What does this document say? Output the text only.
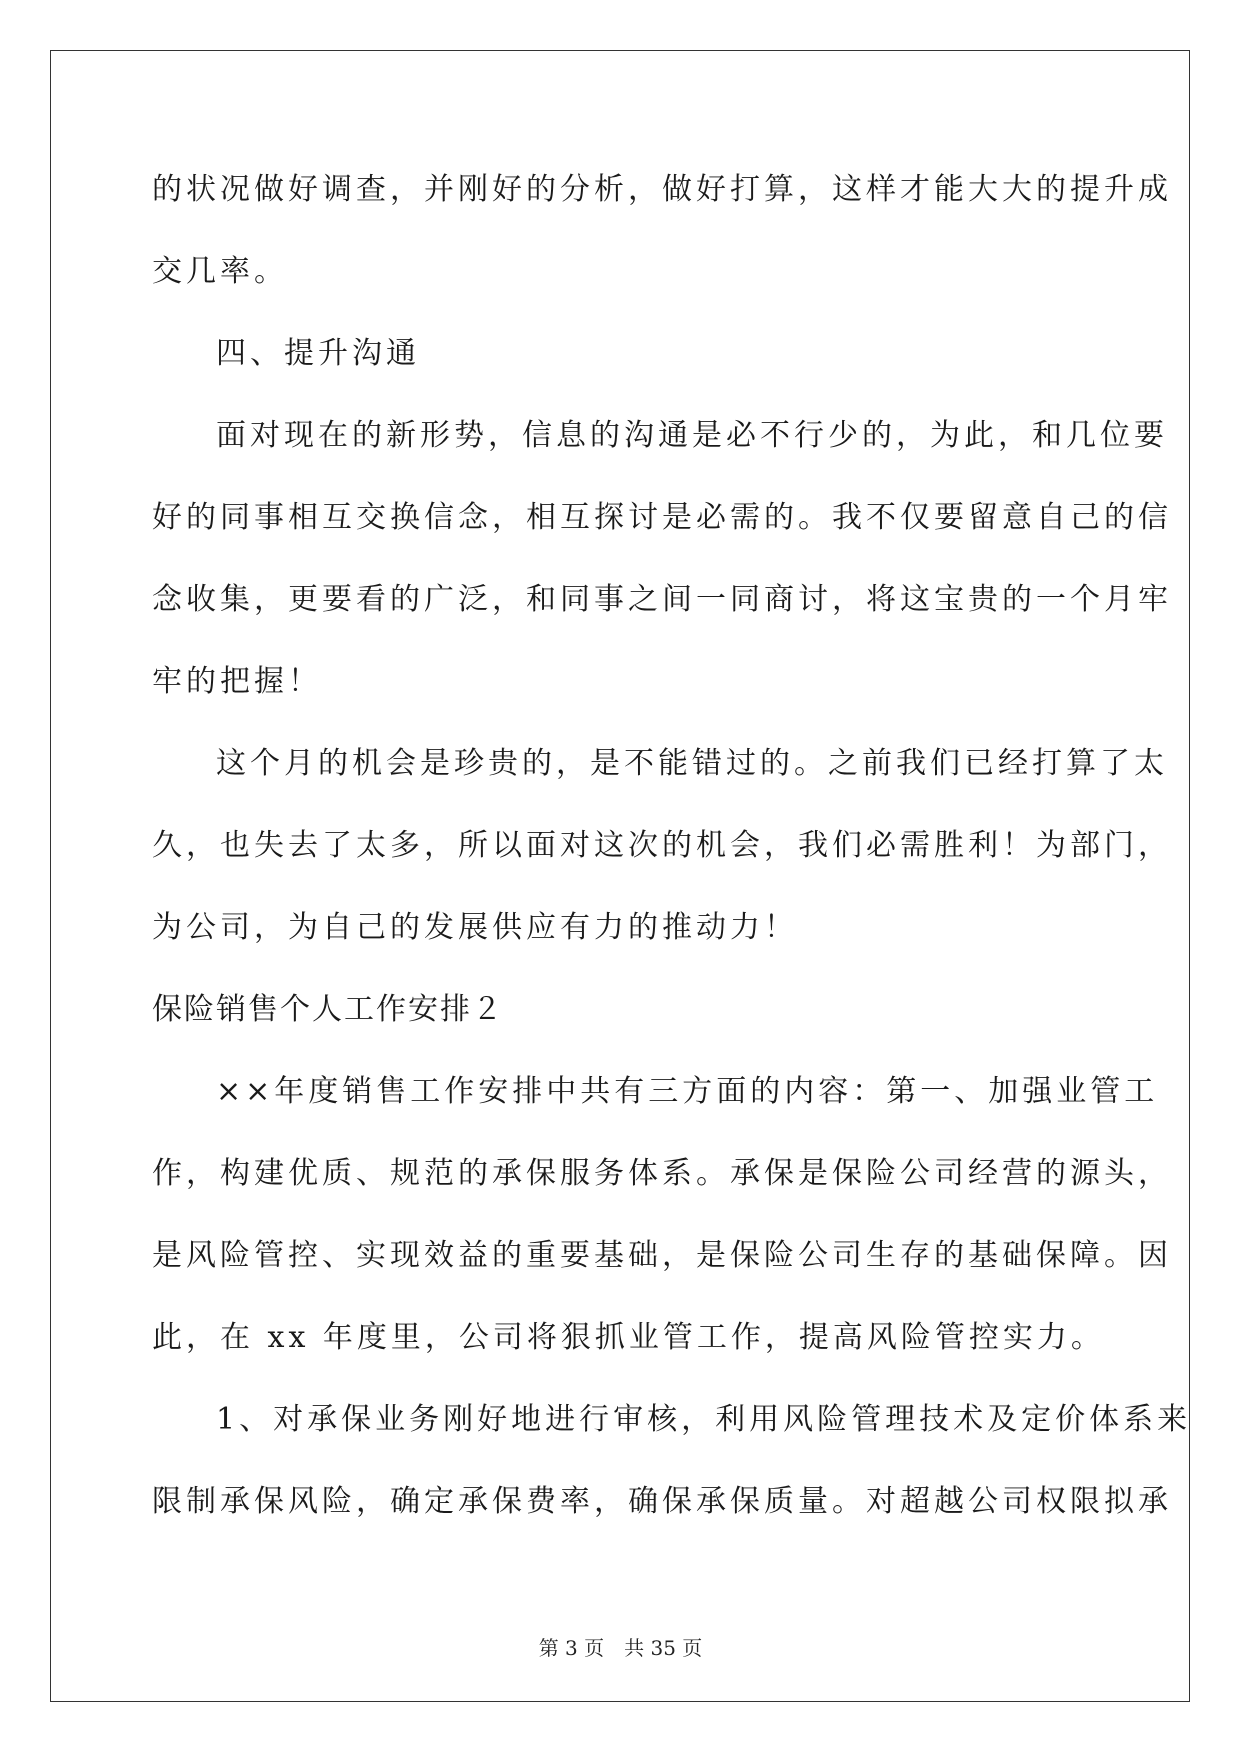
的状况做好调查，并刚好的分析，做好打算，这样才能大大的提升成
交几率。
四、提升沟通
面对现在的新形势，信息的沟通是必不行少的，为此，和几位要
好的同事相互交换信念，相互探讨是必需的。我不仅要留意自己的信
念收集，更要看的广泛，和同事之间一同商讨，将这宝贵的一个月牢
牢的把握！
这个月的机会是珍贵的，是不能错过的。之前我们已经打算了太
久，也失去了太多，所以面对这次的机会，我们必需胜利！为部门，
为公司，为自己的发展供应有力的推动力！
保险销售个人工作安排２
××年度销售工作安排中共有三方面的内容：第一、加强业管工
作，构建优质、规范的承保服务体系。承保是保险公司经营的源头，
是风险管控、实现效益的重要基础，是保险公司生存的基础保障。因
此，在 xx 年度里，公司将狠抓业管工作，提高风险管控实力。
1、对承保业务刚好地进行审核，利用风险管理技术及定价体系来
限制承保风险，确定承保费率，确保承保质量。对超越公司权限拟承
第 3 页 共 35 页
